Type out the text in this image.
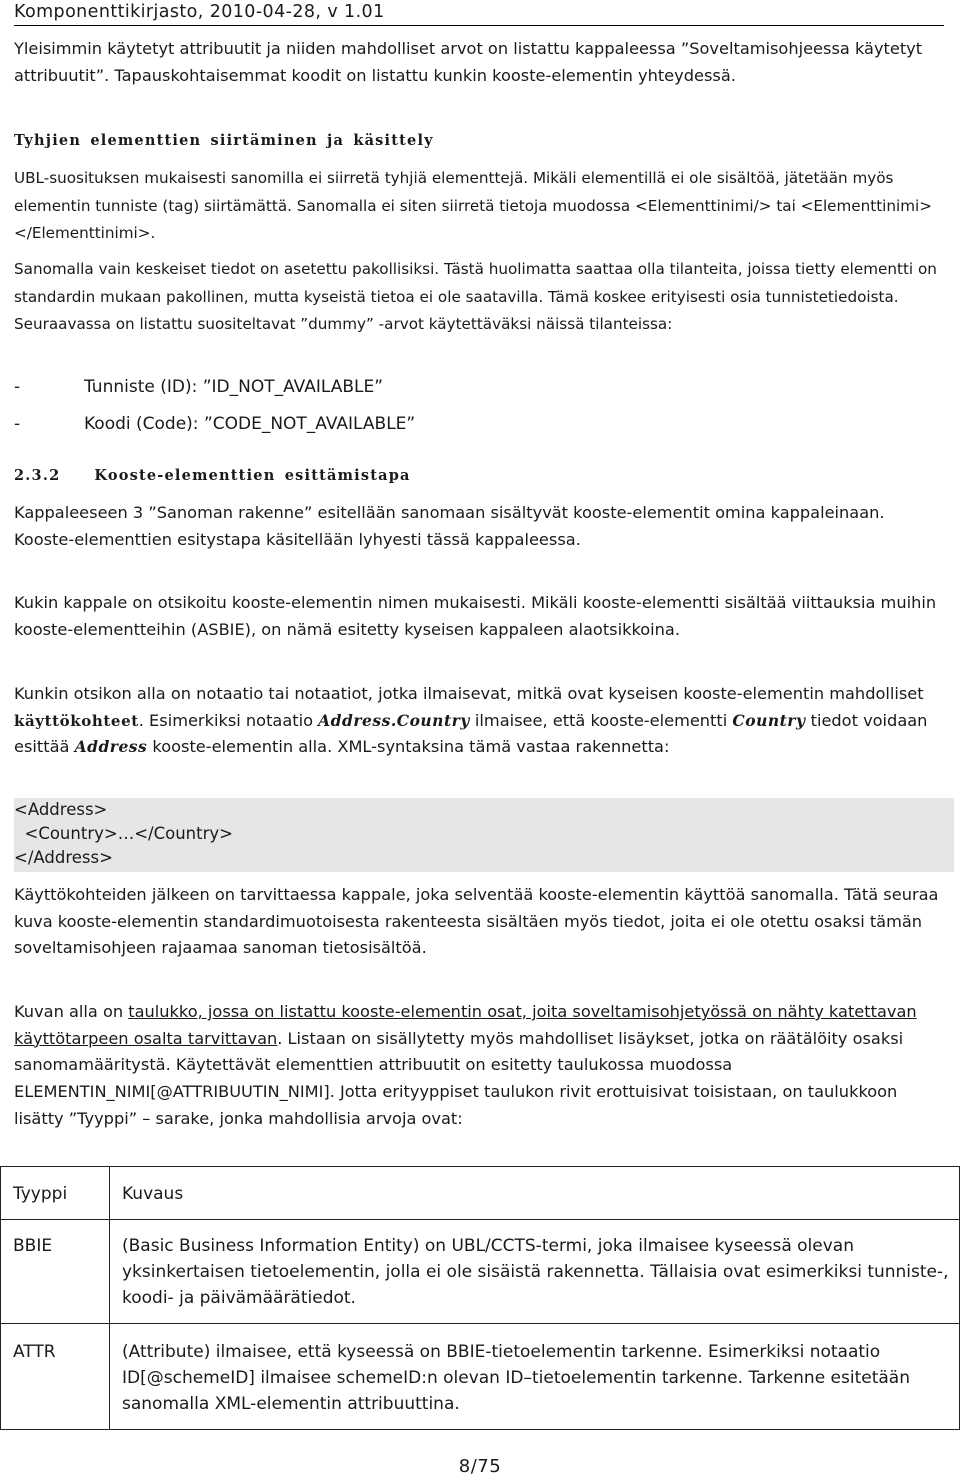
Komponenttikirjasto, 2010-04-28, v 1.01

Yleisimmin käytetyt attribuutit ja niiden mahdolliset arvot on listattu kappaleessa ”Soveltamisohjeessa käytetyt attribuutit”. Tapauskohtaisemmat koodit on listattu kunkin kooste-elementin yhteydessä.

Tyhjien elementtien siirtäminen ja käsittely

UBL-suosituksen mukaisesti sanomilla ei siirretä tyhjiä elementtejä. Mikäli elementillä ei ole sisältöä, jätetään myös elementin tunniste (tag) siirtämättä. Sanomalla ei siten siirretä tietoja muodossa <Elementtinimi/> tai <Elementtinimi></Elementtinimi>.

Sanomalla vain keskeiset tiedot on asetettu pakollisiksi. Tästä huolimatta saattaa olla tilanteita, joissa tietty elementti on standardin mukaan pakollinen, mutta kyseistä tietoa ei ole saatavilla. Tämä koskee erityisesti osia tunnistetiedoista. Seuraavassa on listattu suositeltavat ”dummy” -arvot käytettäväksi näissä tilanteissa:

-	Tunniste (ID): ”ID_NOT_AVAILABLE”
-	Koodi (Code): ”CODE_NOT_AVAILABLE”

2.3.2 Kooste-elementtien esittämistapa

Kappaleeseen 3 ”Sanoman rakenne” esitellään sanomaan sisältyvät kooste-elementit omina kappaleinaan. Kooste-elementtien esitystapa käsitellään lyhyesti tässä kappaleessa.

Kukin kappale on otsikoitu kooste-elementin nimen mukaisesti. Mikäli kooste-elementti sisältää viittauksia muihin kooste-elementteihin (ASBIE), on nämä esitetty kyseisen kappaleen alaotsikkoina.

Kunkin otsikon alla on notaatio tai notaatiot, jotka ilmaisevat, mitkä ovat kyseisen kooste-elementin mahdolliset käyttökohteet. Esimerkiksi notaatio Address.Country ilmaisee, että kooste-elementti Country tiedot voidaan esittää Address kooste-elementin alla. XML-syntaksina tämä vastaa rakennetta:

<Address>
<Country>…</Country>
</Address>

Käyttökohteiden jälkeen on tarvittaessa kappale, joka selventää kooste-elementin käyttöä sanomalla. Tätä seuraa kuva kooste-elementin standardimuotoisesta rakenteesta sisältäen myös tiedot, joita ei ole otettu osaksi tämän soveltamisohjeen rajaamaa sanoman tietosisältöä.

Kuvan alla on taulukko, jossa on listattu kooste-elementin osat, joita soveltamisohjetyössä on nähty katettavan käyttötarpeen osalta tarvittavan. Listaan on sisällytetty myös mahdolliset lisäykset, jotka on räätälöity osaksi sanomamääritystä. Käytettävät elementtien attribuutit on esitetty taulukossa muodossa ELEMENTIN_NIMI[@ATTRIBUUTIN_NIMI]. Jotta erityyppiset taulukon rivit erottuisivat toisistaan, on taulukkoon lisätty ”Tyyppi” – sarake, jonka mahdollisia arvoja ovat:

Tyyppi	Kuvaus
BBIE	(Basic Business Information Entity) on UBL/CCTS-termi, joka ilmaisee kyseessä olevan yksinkertaisen tietoelementin, jolla ei ole sisäistä rakennetta. Tällaisia ovat esimerkiksi tunniste-, koodi- ja päivämäärätiedot.
ATTR	(Attribute) ilmaisee, että kyseessä on BBIE-tietoelementin tarkenne. Esimerkiksi notaatio ID[@schemeID] ilmaisee schemeID:n olevan ID–tietoelementin tarkenne. Tarkenne esitetään sanomalla XML-elementin attribuuttina.
8/75
